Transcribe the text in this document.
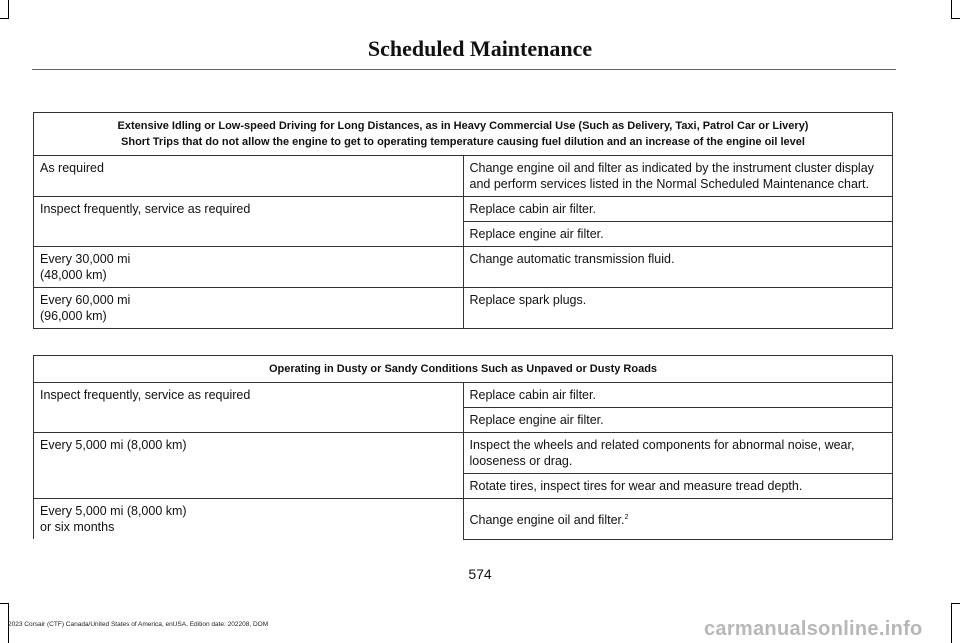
Scheduled Maintenance
Extensive Idling or Low-speed Driving for Long Distances, as in Heavy Commercial Use (Such as Delivery, Taxi, Patrol Car or Livery)
Short Trips that do not allow the engine to get to operating temperature causing fuel dilution and an increase of the engine oil level	

As required	Change engine oil and filter as indicated by the instrument cluster display and perform services listed in the Normal Scheduled Maintenance chart.
Inspect frequently, service as required	Replace cabin air filter.
	Replace engine air filter.

Every 30,000 mi
(48,000 km)	Change automatic transmission fluid.

Every 60,000 mi
(96,000 km)	Replace spark plugs.
Operating in Dusty or Sandy Conditions Such as Unpaved or Dusty Roads	
Inspect frequently, service as required	Replace cabin air filter.
	Replace engine air filter.
Every 5,000 mi (8,000 km)	Inspect the wheels and related components for abnormal noise, wear, looseness or drag.
	Rotate tires, inspect tires for wear and measure tread depth.

Every 5,000 mi (8,000 km)
or six months	Change engine oil and filter.$^2$
574
2023 Corsair (CTF) Canada/United States of America, enUSA, Edition date: 202208, DOM	carmanualsonline.info
